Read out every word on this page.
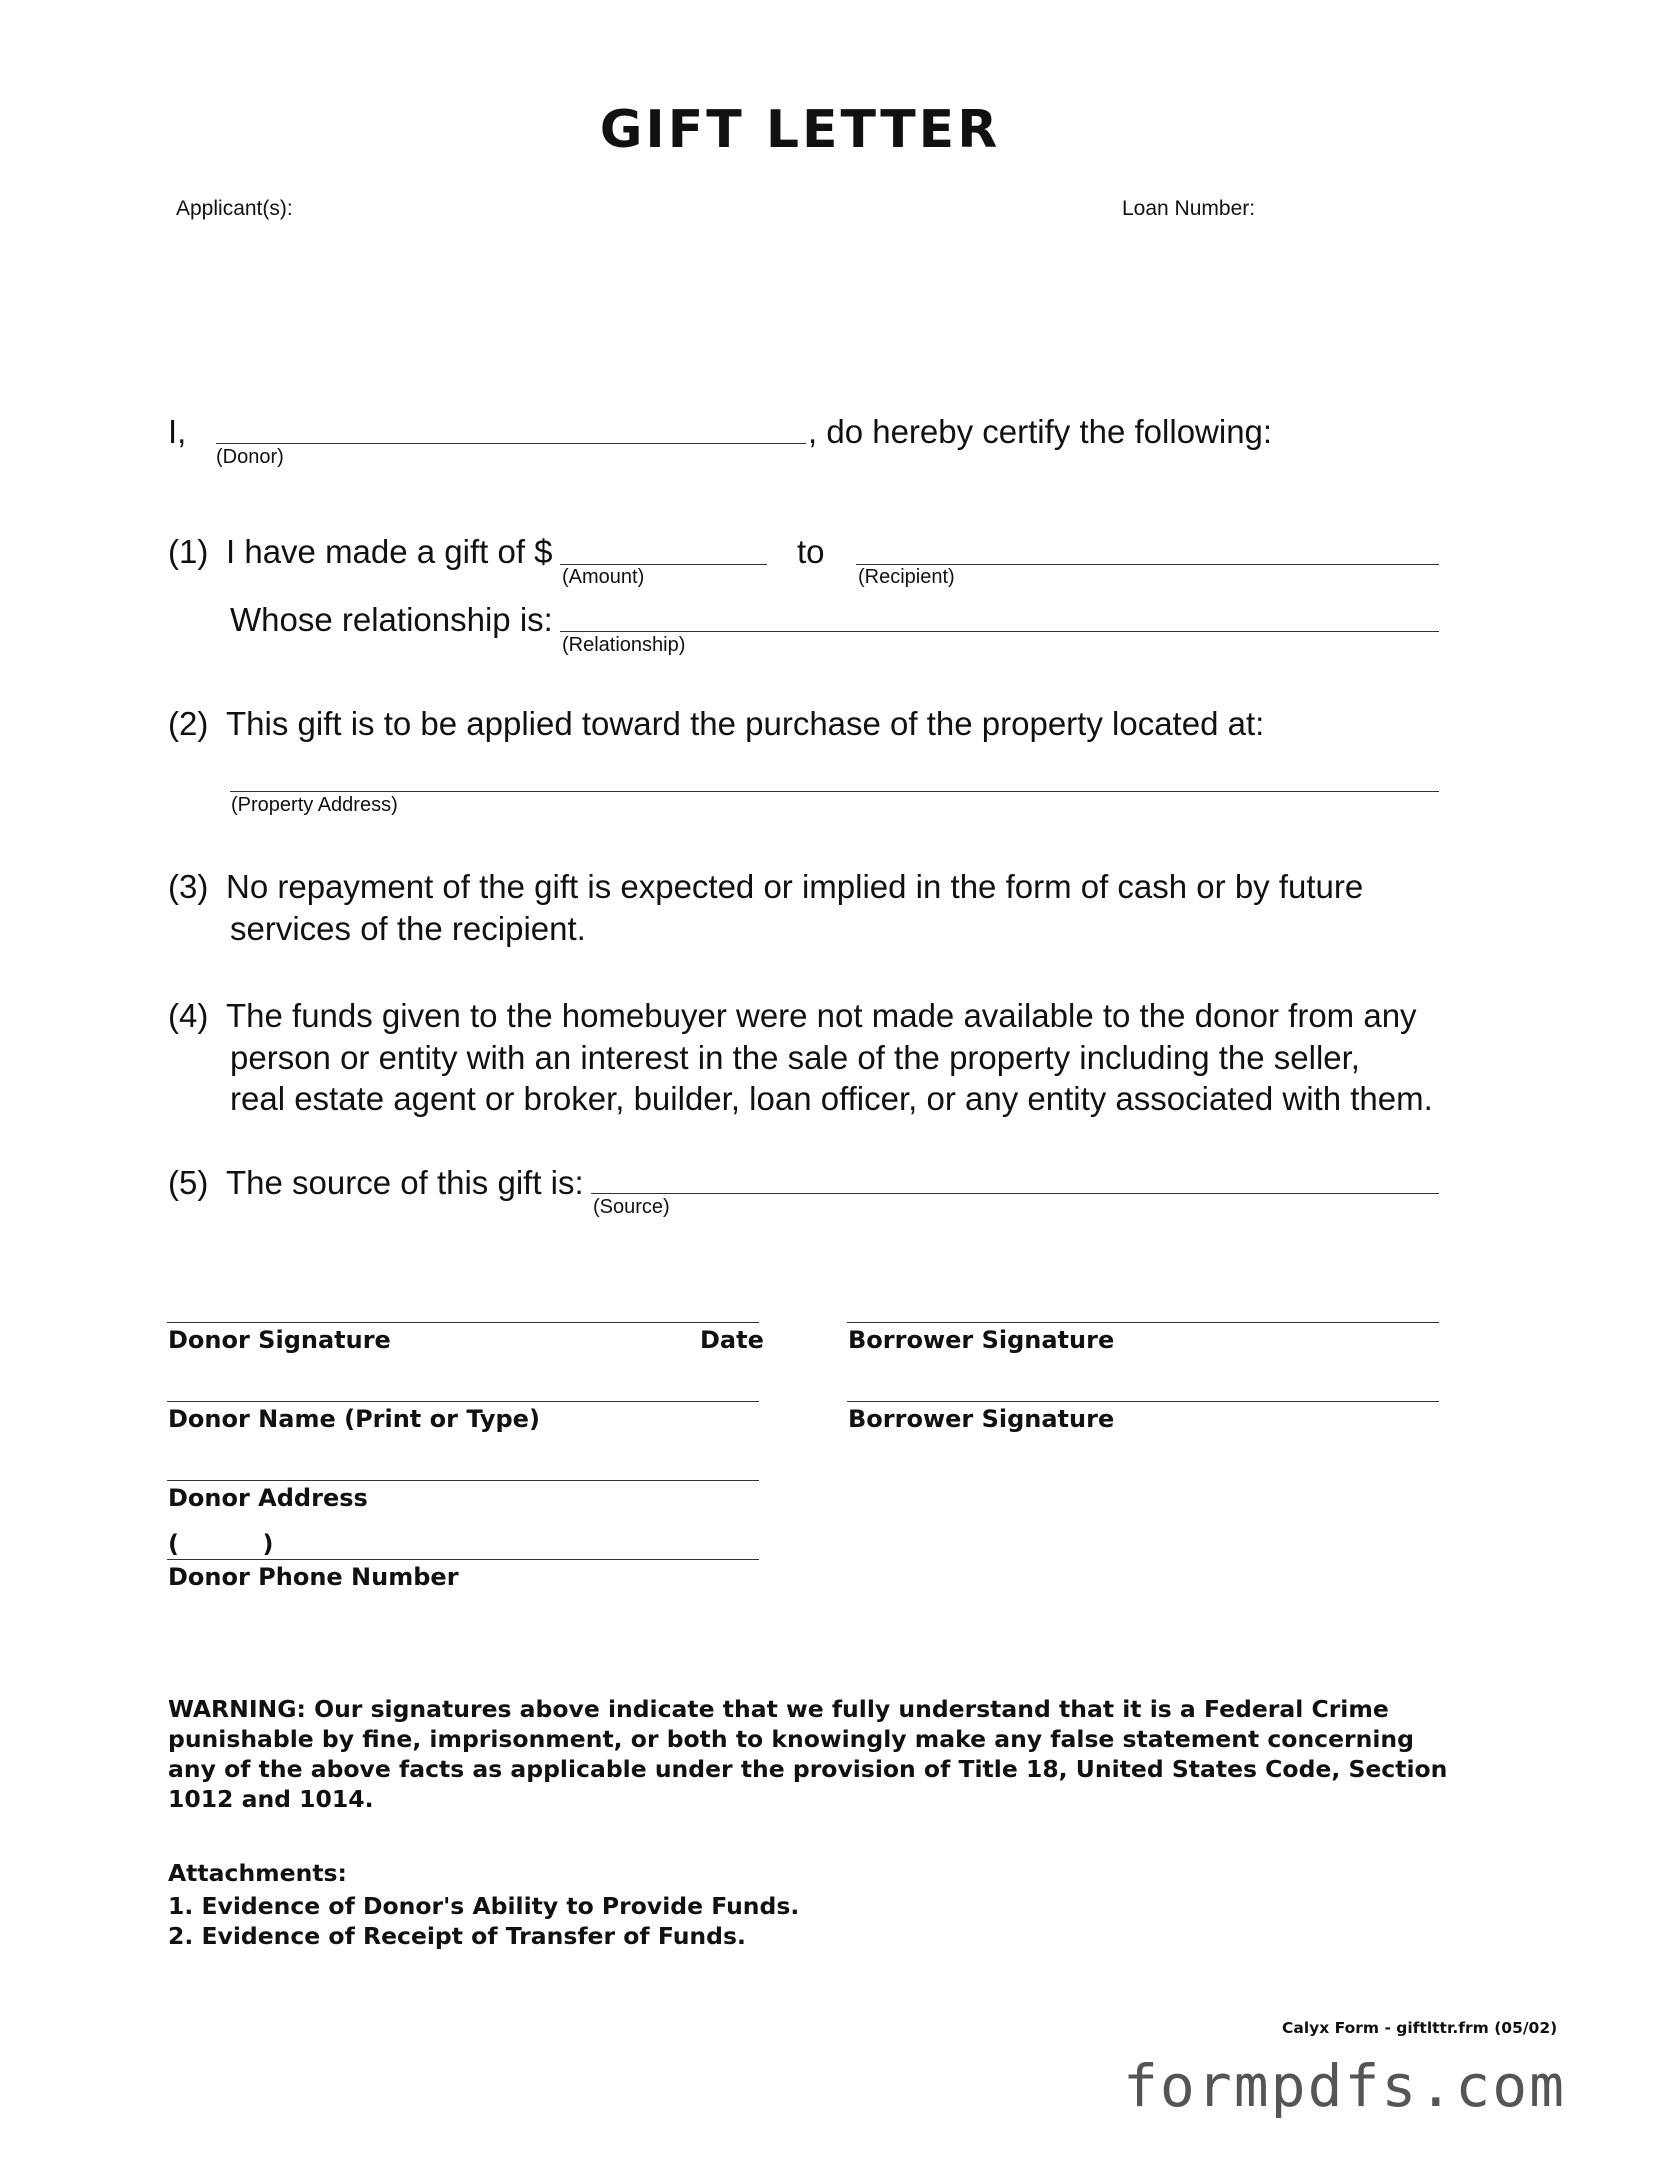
GIFT LETTER
Applicant(s):	Loan Number:
I,	, do hereby certify the following:
(Donor)
(1) I have made a gift of $
(Amount)
to
(Recipient)
Whose relationship is:
(Relationship)
(2) This gift is to be applied toward the purchase of the property located at:
(Property Address)
(3) No repayment of the gift is expected or implied in the form of cash or by future
services of the recipient.
(4) The funds given to the homebuyer were not made available to the donor from any
person or entity with an interest in the sale of the property including the seller,
real estate agent or broker, builder, loan officer, or any entity associated with them.
(5) The source of this gift is:
(Source)
Donor Signature	Date	Borrower Signature
Donor Name (Print or Type)	Borrower Signature
Donor Address
(          )
Donor Phone Number
WARNING: Our signatures above indicate that we fully understand that it is a Federal Crime punishable by fine, imprisonment, or both to knowingly make any false statement concerning any of the above facts as applicable under the provision of Title 18, United States Code, Section 1012 and 1014.
Attachments:
1. Evidence of Donor's Ability to Provide Funds.
2. Evidence of Receipt of Transfer of Funds.
Calyx Form - giftlttr.frm (05/02)
formpdfs.com
